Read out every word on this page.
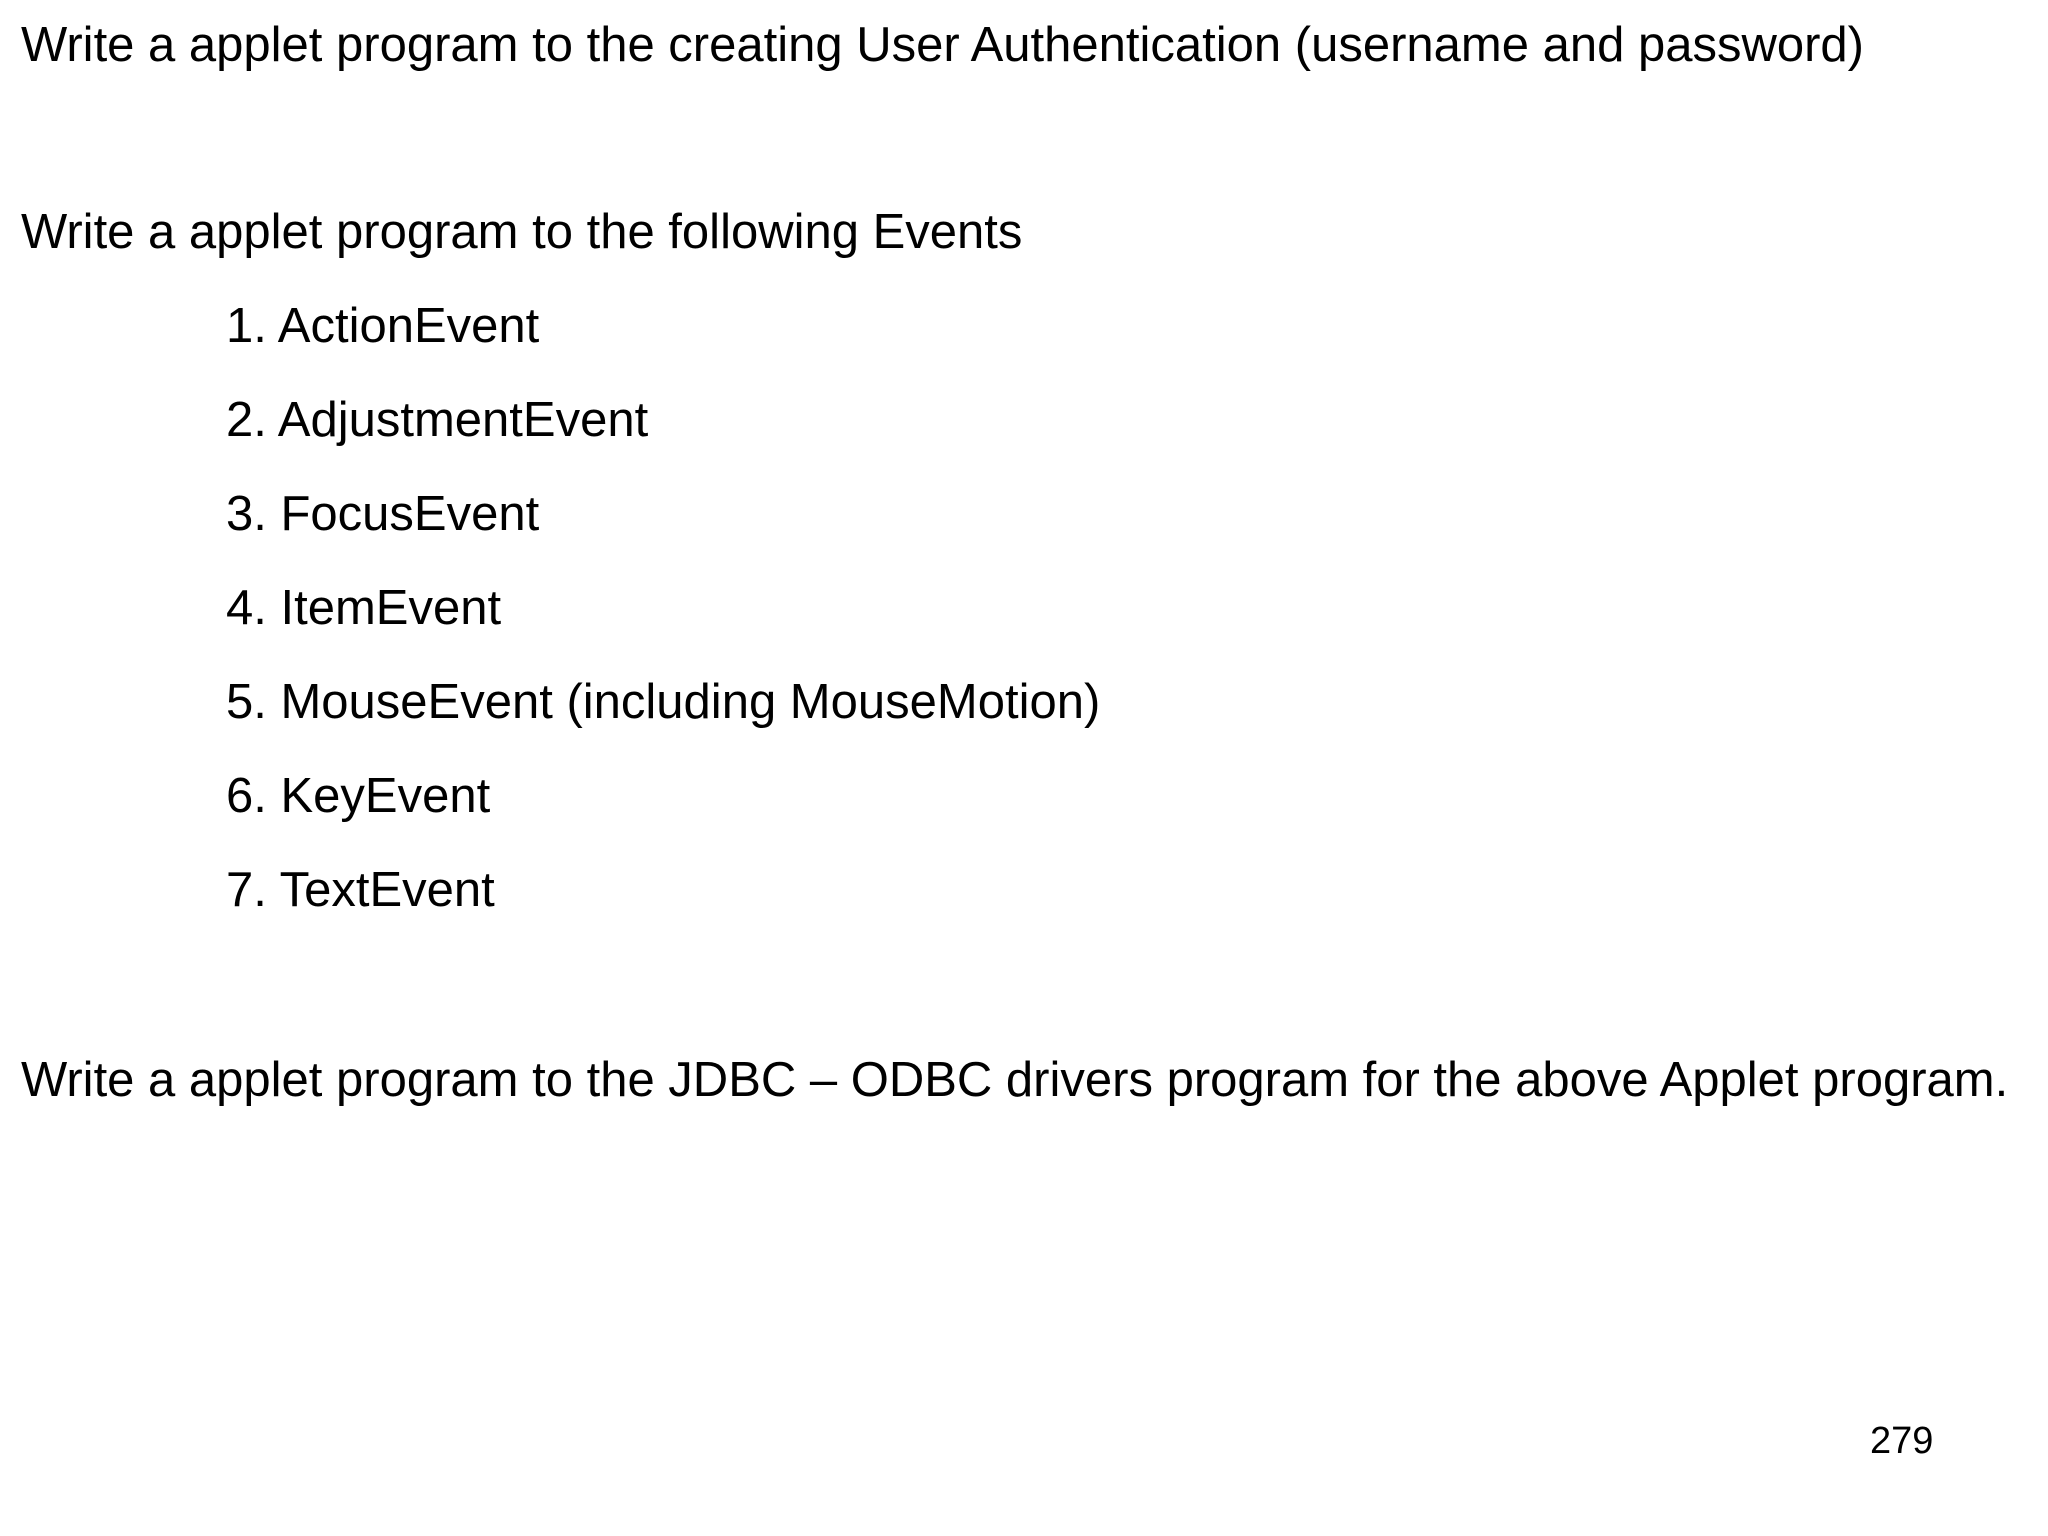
Write a applet program to the creating User Authentication (username and password)

Write a applet program to the following Events

1. ActionEvent
2. AdjustmentEvent
3. FocusEvent
4. ItemEvent
5. MouseEvent (including MouseMotion)
6. KeyEvent
7. TextEvent

Write a applet program to the JDBC – ODBC drivers program for the above Applet program.

279
